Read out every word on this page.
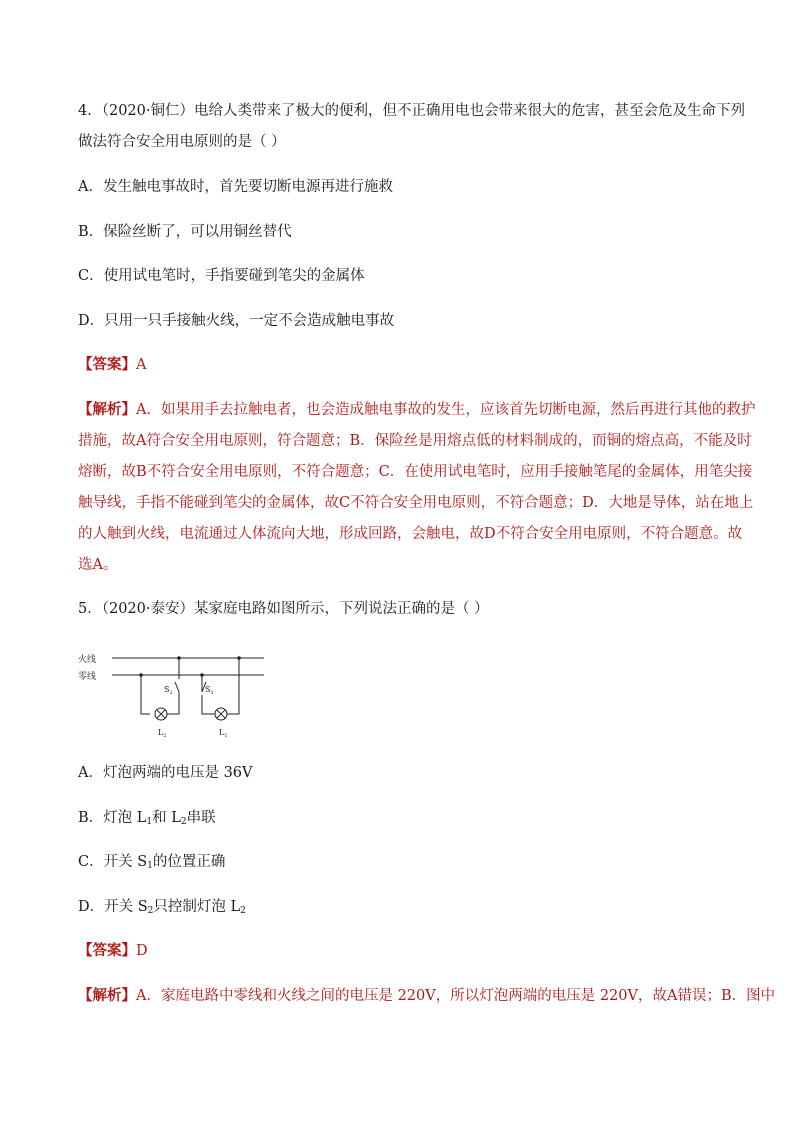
4．（2020·铜仁）电给人类带来了极大的便利，但不正确用电也会带来很大的危害，甚至会危及生命下列
做法符合安全用电原则的是（ ）
A．发生触电事故时，首先要切断电源再进行施救
B．保险丝断了，可以用铜丝替代
C．使用试电笔时，手指要碰到笔尖的金属体
D．只用一只手接触火线，一定不会造成触电事故
【答案】A
【解析】A．如果用手去拉触电者，也会造成触电事故的发生，应该首先切断电源，然后再进行其他的救护
措施，故A符合安全用电原则，符合题意；B．保险丝是用熔点低的材料制成的，而铜的熔点高，不能及时
熔断，故B不符合安全用电原则，不符合题意；C．在使用试电笔时，应用手接触笔尾的金属体，用笔尖接
触导线，手指不能碰到笔尖的金属体，故C不符合安全用电原则，不符合题意；D．大地是导体，站在地上
的人触到火线，电流通过人体流向大地，形成回路，会触电，故D不符合安全用电原则，不符合题意。故
选A。
5．（2020·泰安）某家庭电路如图所示，下列说法正确的是（ ）
火线
零线
$S_2$
$L_2$
$S_1$
$L_1$
A．灯泡两端的电压是 36V
B．灯泡 $L_1$和 $L_2$串联
C．开关 $S_1$的位置正确
D．开关 $S_2$只控制灯泡 $L_2$
【答案】D
【解析】A．家庭电路中零线和火线之间的电压是 220V，所以灯泡两端的电压是 220V，故A错误；B．图中
